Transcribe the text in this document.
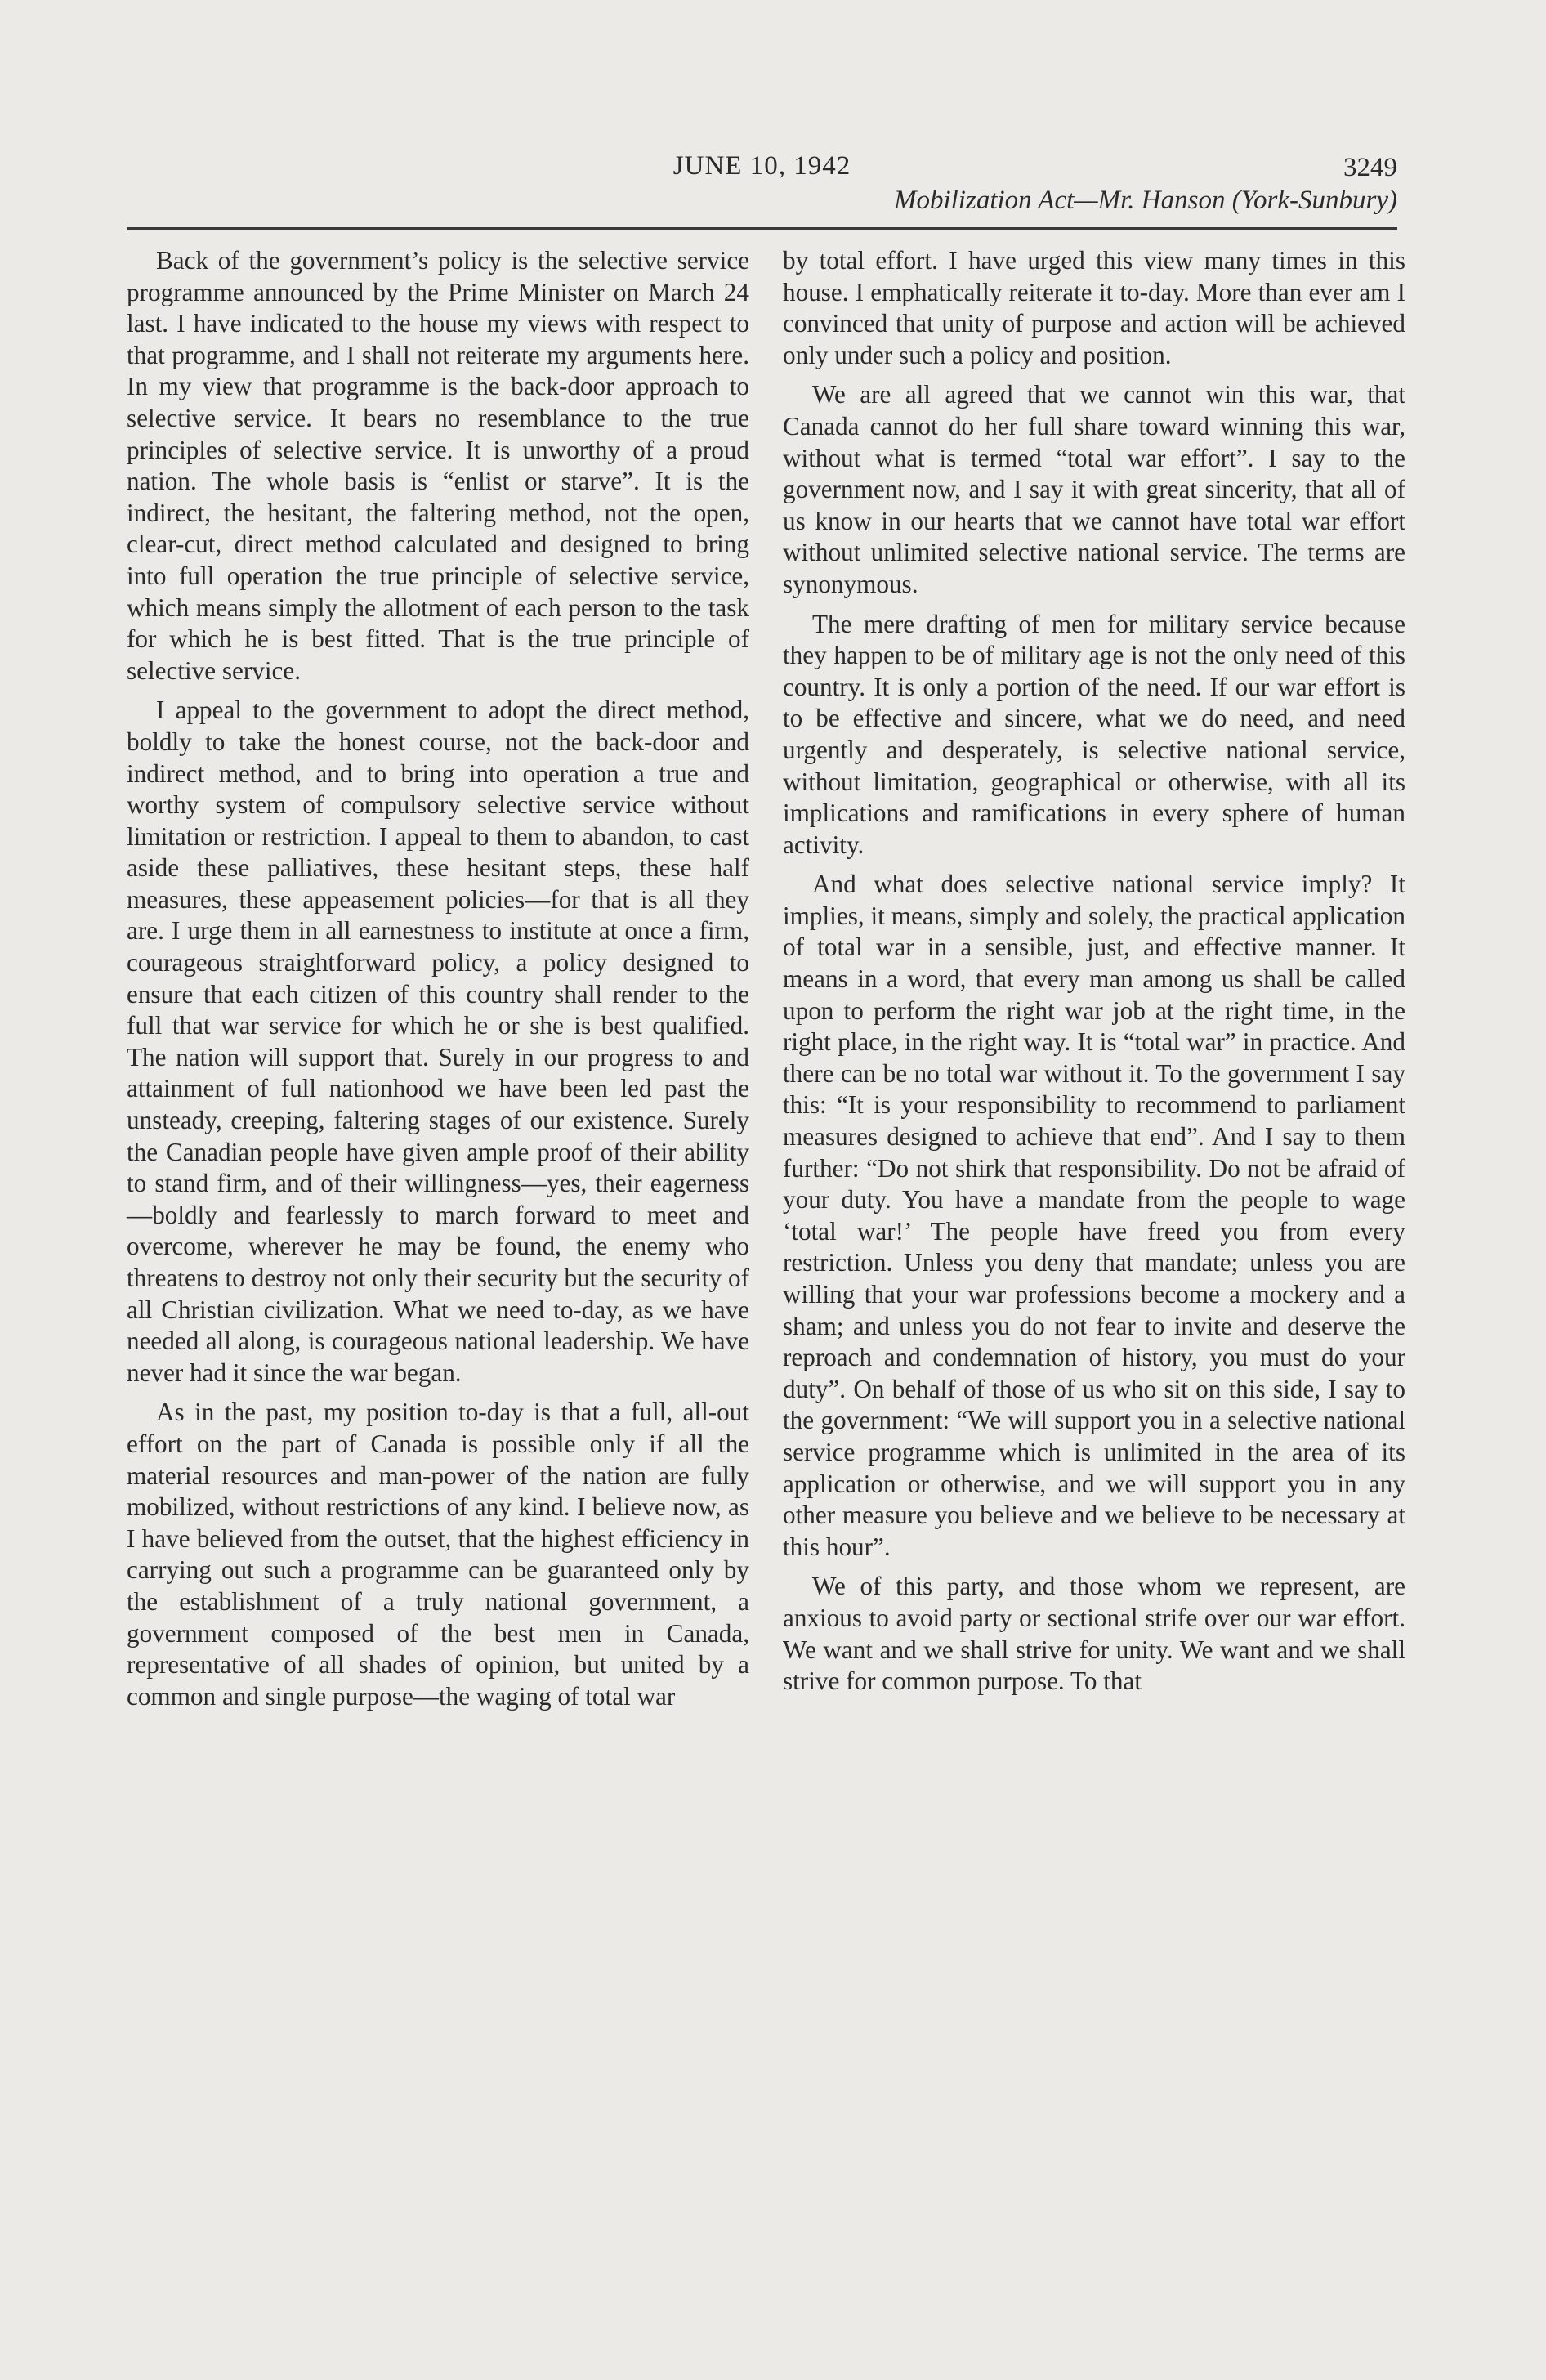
JUNE 10, 1942	3249
Mobilization Act—Mr. Hanson (York-Sunbury)

Back of the government’s policy is the selective service programme announced by the Prime Minister on March 24 last. I have indicated to the house my views with respect to that programme, and I shall not reiterate my arguments here. In my view that programme is the back-door approach to selective service. It bears no resemblance to the true principles of selective service. It is unworthy of a proud nation. The whole basis is “enlist or starve”. It is the indirect, the hesitant, the faltering method, not the open, clear-cut, direct method calculated and designed to bring into full operation the true principle of selective service, which means simply the allotment of each person to the task for which he is best fitted. That is the true principle of selective service.

I appeal to the government to adopt the direct method, boldly to take the honest course, not the back-door and indirect method, and to bring into operation a true and worthy system of compulsory selective service without limitation or restriction. I appeal to them to abandon, to cast aside these palliatives, these hesitant steps, these half measures, these appeasement policies—for that is all they are. I urge them in all earnestness to institute at once a firm, courageous straightforward policy, a policy designed to ensure that each citizen of this country shall render to the full that war service for which he or she is best qualified. The nation will support that. Surely in our progress to and attainment of full nationhood we have been led past the unsteady, creeping, faltering stages of our existence. Surely the Canadian people have given ample proof of their ability to stand firm, and of their willingness—yes, their eagerness—boldly and fearlessly to march forward to meet and overcome, wherever he may be found, the enemy who threatens to destroy not only their security but the security of all Christian civilization. What we need to-day, as we have needed all along, is courageous national leadership. We have never had it since the war began.

As in the past, my position to-day is that a full, all-out effort on the part of Canada is possible only if all the material resources and man-power of the nation are fully mobilized, without restrictions of any kind. I believe now, as I have believed from the outset, that the highest efficiency in carrying out such a programme can be guaranteed only by the establishment of a truly national government, a government composed of the best men in Canada, representative of all shades of opinion, but united by a common and single purpose—the waging of total war

by total effort. I have urged this view many times in this house. I emphatically reiterate it to-day. More than ever am I convinced that unity of purpose and action will be achieved only under such a policy and position.

We are all agreed that we cannot win this war, that Canada cannot do her full share toward winning this war, without what is termed “total war effort”. I say to the government now, and I say it with great sincerity, that all of us know in our hearts that we cannot have total war effort without unlimited selective national service. The terms are synonymous.

The mere drafting of men for military service because they happen to be of military age is not the only need of this country. It is only a portion of the need. If our war effort is to be effective and sincere, what we do need, and need urgently and desperately, is selective national service, without limitation, geographical or otherwise, with all its implications and ramifications in every sphere of human activity.

And what does selective national service imply? It implies, it means, simply and solely, the practical application of total war in a sensible, just, and effective manner. It means in a word, that every man among us shall be called upon to perform the right war job at the right time, in the right place, in the right way. It is “total war” in practice. And there can be no total war without it. To the government I say this: “It is your responsibility to recommend to parliament measures designed to achieve that end”. And I say to them further: “Do not shirk that responsibility. Do not be afraid of your duty. You have a mandate from the people to wage ‘total war!’ The people have freed you from every restriction. Unless you deny that mandate; unless you are willing that your war professions become a mockery and a sham; and unless you do not fear to invite and deserve the reproach and condemnation of history, you must do your duty”. On behalf of those of us who sit on this side, I say to the government: “We will support you in a selective national service programme which is unlimited in the area of its application or otherwise, and we will support you in any other measure you believe and we believe to be necessary at this hour”.

We of this party, and those whom we represent, are anxious to avoid party or sectional strife over our war effort. We want and we shall strive for unity. We want and we shall strive for common purpose. To that
